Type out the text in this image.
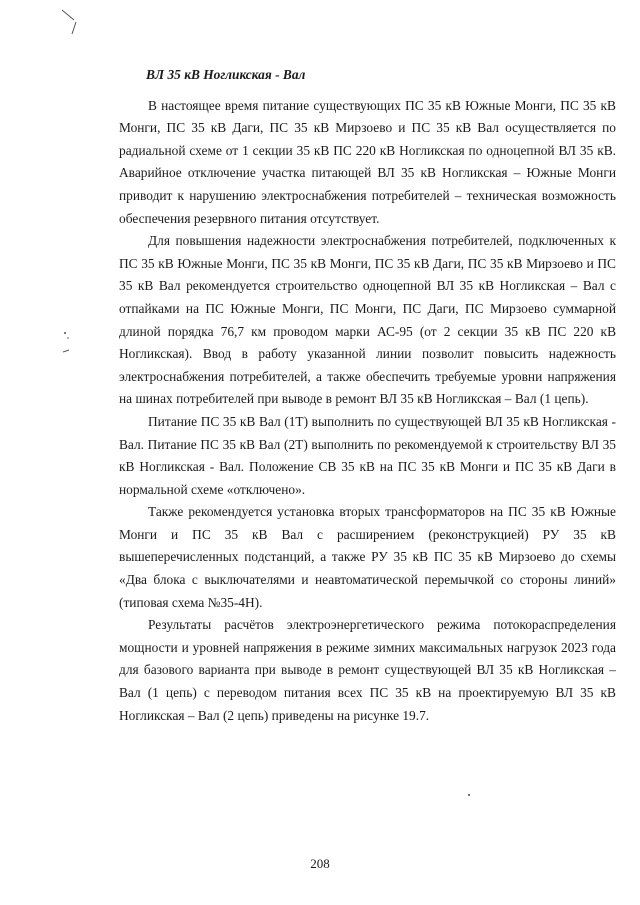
ВЛ 35 кВ Ногликская - Вал

В настоящее время питание существующих ПС 35 кВ Южные Монги, ПС 35 кВ Монги, ПС 35 кВ Даги, ПС 35 кВ Мирзоево и ПС 35 кВ Вал осуществляется по радиальной схеме от 1 секции 35 кВ ПС 220 кВ Ногликская по одноцепной ВЛ 35 кВ. Аварийное отключение участка питающей ВЛ 35 кВ Ногликская – Южные Монги приводит к нарушению электроснабжения потребителей – техническая возможность обеспечения резервного питания отсутствует.

Для повышения надежности электроснабжения потребителей, подключенных к ПС 35 кВ Южные Монги, ПС 35 кВ Монги, ПС 35 кВ Даги, ПС 35 кВ Мирзоево и ПС 35 кВ Вал рекомендуется строительство одноцепной ВЛ 35 кВ Ногликская – Вал с отпайками на ПС Южные Монги, ПС Монги, ПС Даги, ПС Мирзоево суммарной длиной порядка 76,7 км проводом марки АС-95 (от 2 секции 35 кВ ПС 220 кВ Ногликская). Ввод в работу указанной линии позволит повысить надежность электроснабжения потребителей, а также обеспечить требуемые уровни напряжения на шинах потребителей при выводе в ремонт ВЛ 35 кВ Ногликская – Вал (1 цепь).

Питание ПС 35 кВ Вал (1Т) выполнить по существующей ВЛ 35 кВ Ногликская - Вал. Питание ПС 35 кВ Вал (2Т) выполнить по рекомендуемой к строительству ВЛ 35 кВ Ногликская - Вал. Положение СВ 35 кВ на ПС 35 кВ Монги и ПС 35 кВ Даги в нормальной схеме «отключено».

Также рекомендуется установка вторых трансформаторов на ПС 35 кВ Южные Монги и ПС 35 кВ Вал с расширением (реконструкцией) РУ 35 кВ вышеперечисленных подстанций, а также РУ 35 кВ ПС 35 кВ Мирзоево до схемы «Два блока с выключателями и неавтоматической перемычкой со стороны линий» (типовая схема №35-4Н).

Результаты расчётов электроэнергетического режима потокораспределения мощности и уровней напряжения в режиме зимних максимальных нагрузок 2023 года для базового варианта при выводе в ремонт существующей ВЛ 35 кВ Ногликская – Вал (1 цепь) с переводом питания всех ПС 35 кВ на проектируемую ВЛ 35 кВ Ногликская – Вал (2 цепь) приведены на рисунке 19.7.

208
